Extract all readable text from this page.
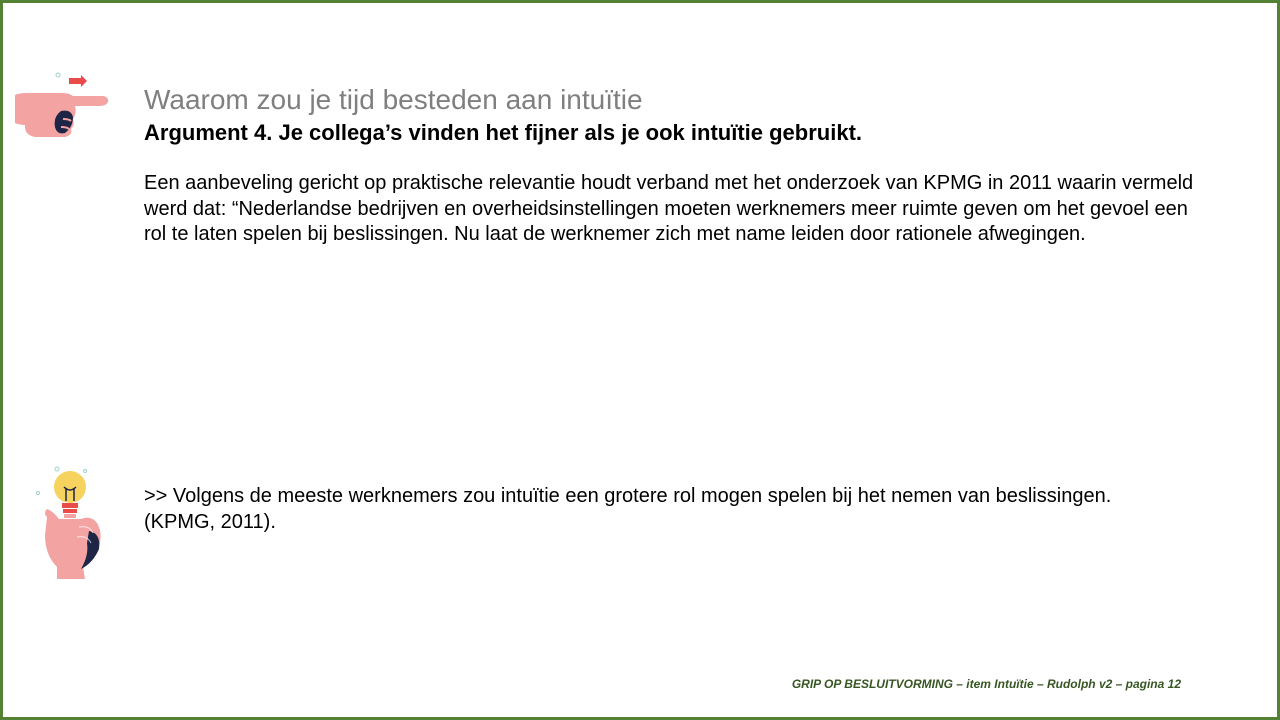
Waarom zou je tijd besteden aan intuïtie
Argument 4. Je collega’s vinden het fijner als je ook intuïtie gebruikt.
Een aanbeveling gericht op praktische relevantie houdt verband met het onderzoek van KPMG in 2011 waarin vermeld werd dat: “Nederlandse bedrijven en overheidsinstellingen moeten werknemers meer ruimte geven om het gevoel een rol te laten spelen bij beslissingen. Nu laat de werknemer zich met name leiden door rationele afwegingen.
>> Volgens de meeste werknemers zou intuïtie een grotere rol mogen spelen bij het nemen van beslissingen. (KPMG, 2011).
GRIP OP BESLUITVORMING – item Intuïtie – Rudolph v2 – pagina 12
